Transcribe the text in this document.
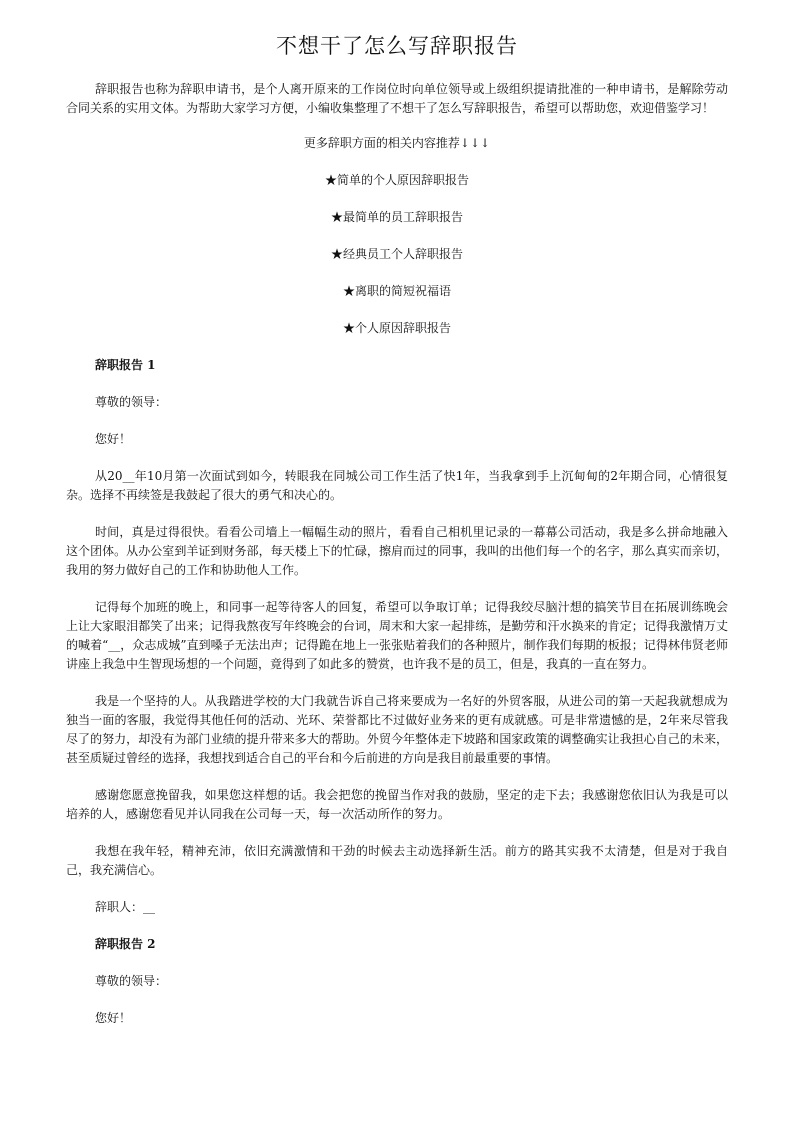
不想干了怎么写辞职报告

辞职报告也称为辞职申请书，是个人离开原来的工作岗位时向单位领导或上级组织提请批准的一种申请书，是解除劳动合同关系的实用文体。为帮助大家学习方便，小编收集整理了不想干了怎么写辞职报告，希望可以帮助您，欢迎借鉴学习！

更多辞职方面的相关内容推荐↓↓↓

★简单的个人原因辞职报告

★最简单的员工辞职报告

★经典员工个人辞职报告

★离职的简短祝福语

★个人原因辞职报告

辞职报告 1

尊敬的领导：

您好！

从20__年10月第一次面试到如今，转眼我在同城公司工作生活了快1年，当我拿到手上沉甸甸的2年期合同，心情很复杂。选择不再续签是我鼓起了很大的勇气和决心的。

时间，真是过得很快。看看公司墙上一幅幅生动的照片，看看自己相机里记录的一幕幕公司活动，我是多么拼命地融入这个团体。从办公室到羊证到财务部，每天楼上下的忙碌，擦肩而过的同事，我叫的出他们每一个的名字，那么真实而亲切，我用的努力做好自己的工作和协助他人工作。

记得每个加班的晚上，和同事一起等待客人的回复，希望可以争取订单；记得我绞尽脑汁想的搞笑节目在拓展训练晚会上让大家眼泪都笑了出来；记得我熬夜写年终晚会的台词，周末和大家一起排练，是勤劳和汗水换来的肯定；记得我激情万丈的喊着“__，众志成城”直到嗓子无法出声；记得跪在地上一张张贴着我们的各种照片，制作我们每期的板报；记得林伟贤老师讲座上我急中生智现场想的一个问题，竟得到了如此多的赞赏，也许我不是的员工，但是，我真的一直在努力。

我是一个坚持的人。从我踏进学校的大门我就告诉自己将来要成为一名好的外贸客服，从进公司的第一天起我就想成为独当一面的客服，我觉得其他任何的活动、光环、荣誉都比不过做好业务来的更有成就感。可是非常遗憾的是，2年来尽管我尽了的努力，却没有为部门业绩的提升带来多大的帮助。外贸今年整体走下坡路和国家政策的调整确实让我担心自己的未来，甚至质疑过曾经的选择，我想找到适合自己的平台和今后前进的方向是我目前最重要的事情。

感谢您愿意挽留我，如果您这样想的话。我会把您的挽留当作对我的鼓励，坚定的走下去；我感谢您依旧认为我是可以培养的人，感谢您看见并认同我在公司每一天，每一次活动所作的努力。

我想在我年轻，精神充沛，依旧充满激情和干劲的时候去主动选择新生活。前方的路其实我不太清楚，但是对于我自己，我充满信心。

辞职人：__

辞职报告 2

尊敬的领导：

您好！
